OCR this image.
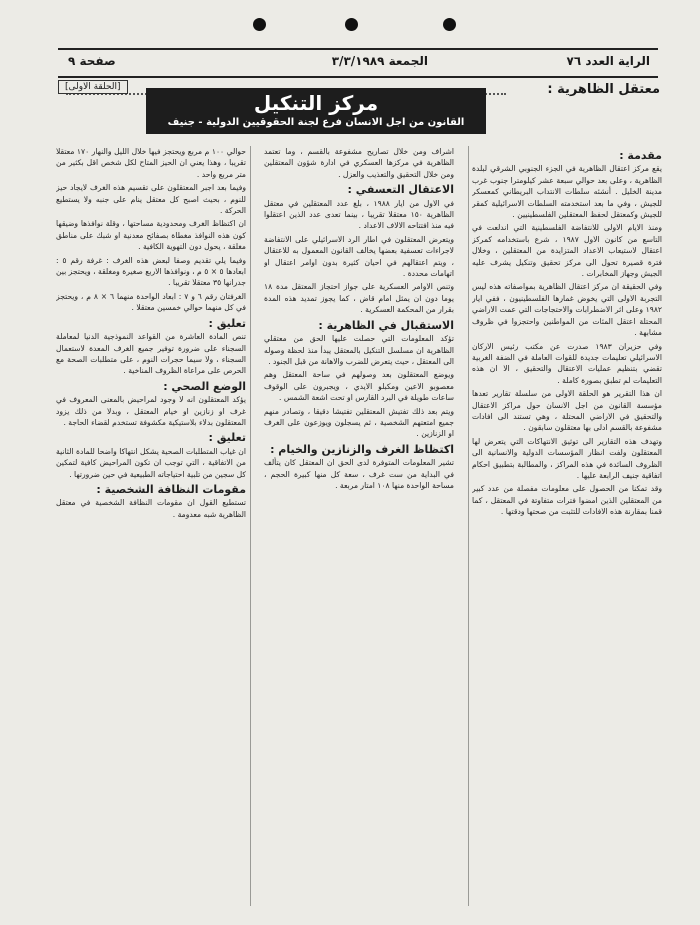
الراية العدد ٧٦
الجمعة ٣/٣/١٩٨٩
صفحة ٩
معتقل الظاهرية :
[الحلقة الاولى]
مركز التنكيل
القانون من اجل الانسان فرع لجنة الحقوقيين الدولية - جنيف
مقدمة :

يقع مركز اعتقال الظاهرية في الجزء الجنوبي الشرقي لبلدة الظاهرية ، وعلى بعد حوالي سبعة عشر كيلومترا جنوب غرب مدينة الخليل . أنشئه سلطات الانتداب البريطاني كمعسكر للجيش ، وفي ما بعد استخدمته السلطات الاسرائيلية كمقر للجيش وكمعتقل لحفظ المعتقلين الفلسطينيين .

ومنذ الايام الاولى للانتفاضة الفلسطينية التي اندلعت في التاسع من كانون الاول ١٩٨٧ ، شرع باستخدامه كمركز اعتقال لاستيعاب الاعداد المتزايدة من المعتقلين ، وخلال فترة قصيرة تحول الى مركز تحقيق وتنكيل يشرف عليه الجيش وجهاز المخابرات .

وفي الحقيقة ان مركز اعتقال الظاهرية بمواصفاته هذه ليس التجربة الاولى التي يخوض غمارها الفلسطينيون ، ففي ايار ١٩٨٢ وعلى اثر الاضطرابات والاحتجاجات التي عمت الاراضي المحتلة اعتقل المئات من المواطنين واحتجزوا في ظروف مشابهة .

وفي حزيران ١٩٨٣ صدرت عن مكتب رئيس الاركان الاسرائيلي تعليمات جديدة للقوات العاملة في الضفة الغربية تقضي بتنظيم عمليات الاعتقال والتحقيق ، الا ان هذه التعليمات لم تطبق بصورة كاملة .

ان هذا التقرير هو الحلقة الاولى من سلسلة تقارير تعدها مؤسسة القانون من اجل الانسان حول مراكز الاعتقال والتحقيق في الاراضي المحتلة ، وهي تستند الى افادات مشفوعة بالقسم ادلى بها معتقلون سابقون .

وتهدف هذه التقارير الى توثيق الانتهاكات التي يتعرض لها المعتقلون ولفت انظار المؤسسات الدولية والانسانية الى الظروف السائدة في هذه المراكز ، والمطالبة بتطبيق احكام اتفاقية جنيف الرابعة عليها .

وقد تمكنا من الحصول على معلومات مفصلة من عدد كبير من المعتقلين الذين امضوا فترات متفاوتة في المعتقل ، كما قمنا بمقارنة هذه الافادات للتثبت من صحتها ودقتها .

اشراف ومن خلال تصاريح مشفوعة بالقسم ، وما تعتمد الظاهرية في مركزها العسكري في ادارة شؤون المعتقلين ومن خلال التحقيق والتعذيب والعزل .

الاعتقال التعسفي :

في الاول من ايار ١٩٨٨ ، بلغ عدد المعتقلين في معتقل الظاهرية ١٥٠ معتقلا تقريبا ، بينما تعدى عدد الذين اعتقلوا فيه منذ افتتاحه الالاف الاعداد .

ويتعرض المعتقلون في اطار الرد الاسرائيلي على الانتفاضة لاجراءات تعسفية بعضها يخالف القانون المعمول به للاعتقال ، ويتم اعتقالهم في احيان كثيرة بدون اوامر اعتقال او اتهامات محددة .

وتنص الاوامر العسكرية على جواز احتجاز المعتقل مدة ١٨ يوما دون ان يمثل امام قاض ، كما يجوز تمديد هذه المدة بقرار من المحكمة العسكرية .

الاستقبال في الظاهرية :

تؤكد المعلومات التي حصلت عليها الحق من معتقلي الظاهرية ان مسلسل التنكيل بالمعتقل يبدأ منذ لحظة وصوله الى المعتقل ، حيث يتعرض للضرب والاهانة من قبل الجنود .

ويوضع المعتقلون بعد وصولهم في ساحة المعتقل وهم معصوبو الاعين ومكبلو الايدي ، ويجبرون على الوقوف ساعات طويلة في البرد القارس او تحت اشعة الشمس .

ويتم بعد ذلك تفتيش المعتقلين تفتيشا دقيقا ، وتصادر منهم جميع امتعتهم الشخصية ، ثم يسجلون ويوزعون على الغرف او الزنازين .

اكتظاظ الغرف والزنازين والخيام :

تشير المعلومات المتوفرة لدى الحق ان المعتقل كان يتألف في البداية من ست غرف ، سعة كل منها كبيرة الحجم ، مساحة الواحدة منها ١٠٨ امتار مربعة .

حوالي ١٠٠ م مربع ويحتجز فيها خلال الليل والنهار ١٧٠ معتقلا تقريبا ، وهذا يعني ان الحيز المتاح لكل شخص اقل بكثير من متر مربع واحد .

وفيما بعد اجبر المعتقلون على تقسيم هذه الغرف لايجاد حيز للنوم ، بحيث اصبح كل معتقل ينام على جنبه ولا يستطيع الحركة .

ان اكتظاظ الغرف ومحدودية مساحتها ، وقلة نوافذها وضيقها كون هذه النوافذ مغطاة بصفائح معدنية او شبك على مناطق مغلقة ، يحول دون التهوية الكافية .

وفيما يلي تقديم وصفا لبعض هذه الغرف : غرفة رقم ٥ : ابعادها ٥ × ٥ م ، ونوافذها الاربع صغيرة ومغلقة ، ويحتجز بين جدرانها ٣٥ معتقلا تقريبا .

الغرفتان رقم ٦ و ٧ : ابعاد الواحدة منهما ٦ × ٨ م ، ويحتجز في كل منهما حوالي خمسين معتقلا .

تعليق :

تنص المادة العاشرة من القواعد النموذجية الدنيا لمعاملة السجناء على ضرورة توفير جميع الغرف المعدة لاستعمال السجناء ، ولا سيما حجرات النوم ، على متطلبات الصحة مع الحرص على مراعاة الظروف المناخية .

الوضع الصحي :

يؤكد المعتقلون انه لا وجود لمراحيض بالمعنى المعروف في غرف او زنازين او خيام المعتقل ، وبدلا من ذلك يزود المعتقلون بدلاء بلاستيكية مكشوفة تستخدم لقضاء الحاجة .

تعليق :

ان غياب المتطلبات الصحية يشكل انتهاكا واضحا للمادة الثانية من الاتفاقية ، التي توجب ان تكون المراحيض كافية لتمكين كل سجين من تلبية احتياجاته الطبيعية في حين ضرورتها .

مقومات النظافة الشخصية :

تستطيع القول ان مقومات النظافة الشخصية في معتقل الظاهرية شبه معدومة .
